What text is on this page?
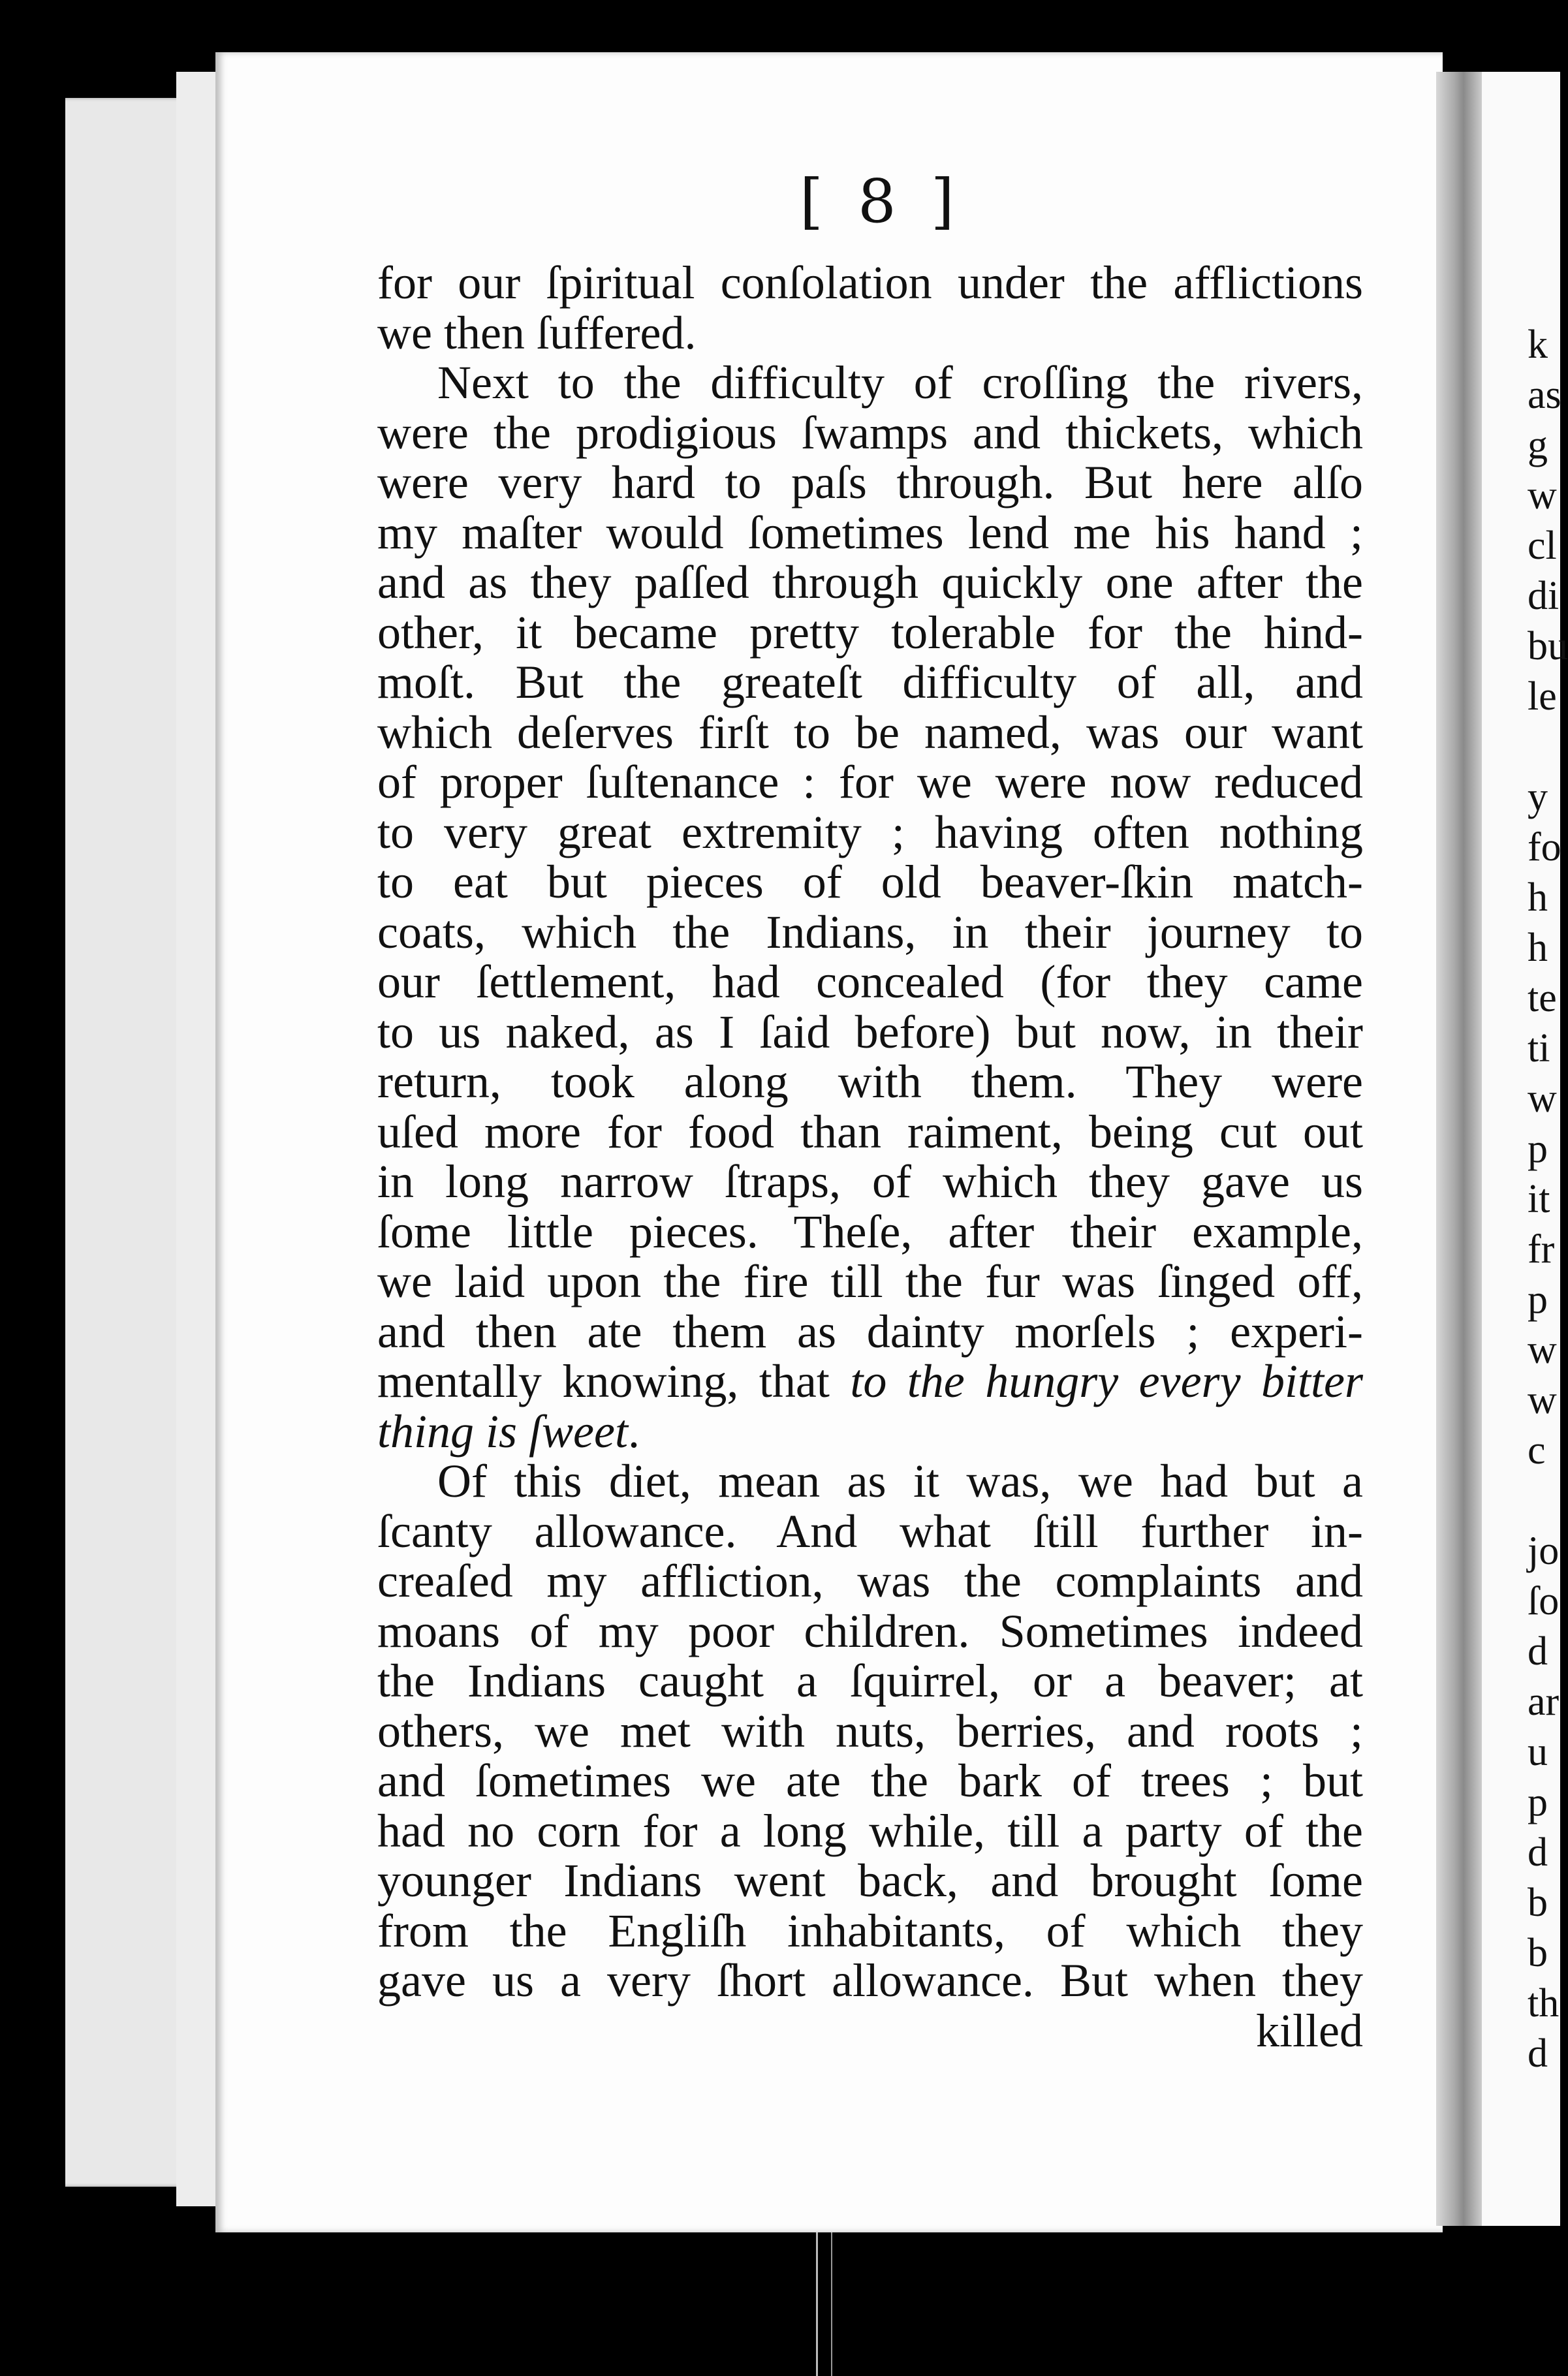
[ 8 ]
for our ſpiritual conſolation under the afflictions
we then ſuffered.
Next to the difficulty of croſſing the rivers,
were the prodigious ſwamps and thickets, which
were very hard to paſs through. But here alſo
my maſter would ſometimes lend me his hand ;
and as they paſſed through quickly one after the
other, it became pretty tolerable for the hind-
moſt. But the greateſt difficulty of all, and
which deſerves firſt to be named, was our want
of proper ſuſtenance : for we were now reduced
to very great extremity ; having often nothing
to eat but pieces of old beaver-ſkin match-
coats, which the Indians, in their journey to
our ſettlement, had concealed (for they came
to us naked, as I ſaid before) but now, in their
return, took along with them. They were
uſed more for food than raiment, being cut out
in long narrow ſtraps, of which they gave us
ſome little pieces. Theſe, after their example,
we laid upon the fire till the fur was ſinged off,
and then ate them as dainty morſels ; experi-
mentally knowing, that to the hungry every bitter
thing is ſweet.
Of this diet, mean as it was, we had but a
ſcanty allowance. And what ſtill further in-
creaſed my affliction, was the complaints and
moans of my poor children. Sometimes indeed
the Indians caught a ſquirrel, or a beaver; at
others, we met with nuts, berries, and roots ;
and ſometimes we ate the bark of trees ; but
had no corn for a long while, till a party of the
younger Indians went back, and brought ſome
from the Engliſh inhabitants, of which they
gave us a very ſhort allowance. But when they
killed
k
as
g
w
cl
di
bu
le
y
fo
h
h
te
ti
w
p
it
fr
p
w
w
c
jo
ſo
d
ar
u
p
d
b
b
th
d
